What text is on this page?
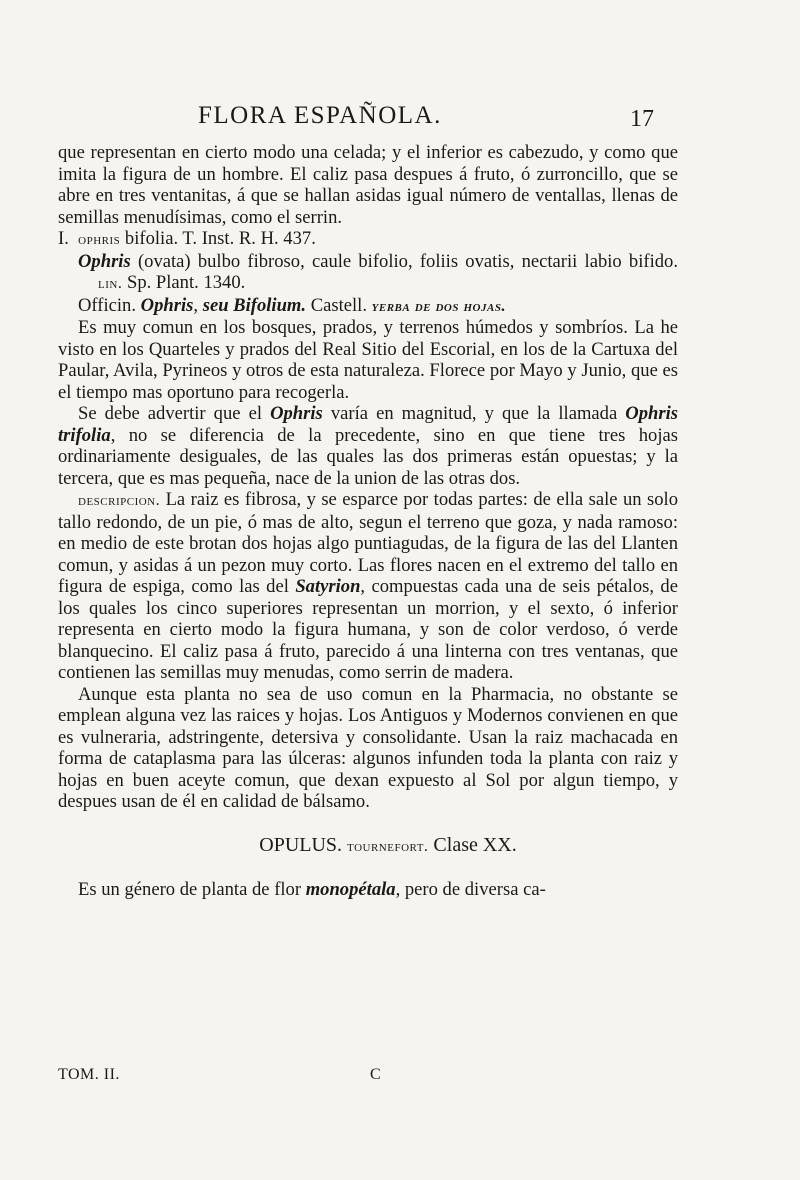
FLORA ESPAÑOLA.	17

que representan en cierto modo una celada; y el inferior es cabezudo, y como que imita la figura de un hombre. El caliz pasa despues á fruto, ó zurroncillo, que se abre en tres ventanitas, á que se hallan asidas igual número de ventallas, llenas de semillas menudísimas, como el serrin.

I.  ophris bifolia. T. Inst. R. H. 437.

Ophris (ovata) bulbo fibroso, caule bifolio, foliis ovatis, nectarii labio bifido. lin. Sp. Plant. 1340.

Officin. Ophris, seu Bifolium. Castell. yerba de dos hojas.

Es muy comun en los bosques, prados, y terrenos húmedos y sombríos. La he visto en los Quarteles y prados del Real Sitio del Escorial, en los de la Cartuxa del Paular, Avila, Pyrineos y otros de esta naturaleza. Florece por Mayo y Junio, que es el tiempo mas oportuno para recogerla.

Se debe advertir que el Ophris varía en magnitud, y que la llamada Ophris trifolia, no se diferencia de la precedente, sino en que tiene tres hojas ordinariamente desiguales, de las quales las dos primeras están opuestas; y la tercera, que es mas pequeña, nace de la union de las otras dos.

descripcion. La raiz es fibrosa, y se esparce por todas partes: de ella sale un solo tallo redondo, de un pie, ó mas de alto, segun el terreno que goza, y nada ramoso: en medio de este brotan dos hojas algo puntiagudas, de la figura de las del Llanten comun, y asidas á un pezon muy corto. Las flores nacen en el extremo del tallo en figura de espiga, como las del Satyrion, compuestas cada una de seis pétalos, de los quales los cinco superiores representan un morrion, y el sexto, ó inferior representa en cierto modo la figura humana, y son de color verdoso, ó verde blanquecino. El caliz pasa á fruto, parecido á una linterna con tres ventanas, que contienen las semillas muy menudas, como serrin de madera.

Aunque esta planta no sea de uso comun en la Pharmacia, no obstante se emplean alguna vez las raices y hojas. Los Antiguos y Modernos convienen en que es vulneraria, adstringente, detersiva y consolidante. Usan la raiz machacada en forma de cataplasma para las úlceras: algunos infunden toda la planta con raiz y hojas en buen aceyte comun, que dexan expuesto al Sol por algun tiempo, y despues usan de él en calidad de bálsamo.

OPULUS. tournefort. Clase XX.

Es un género de planta de flor monopétala, pero de diversa ca-

TOM. II.	C
